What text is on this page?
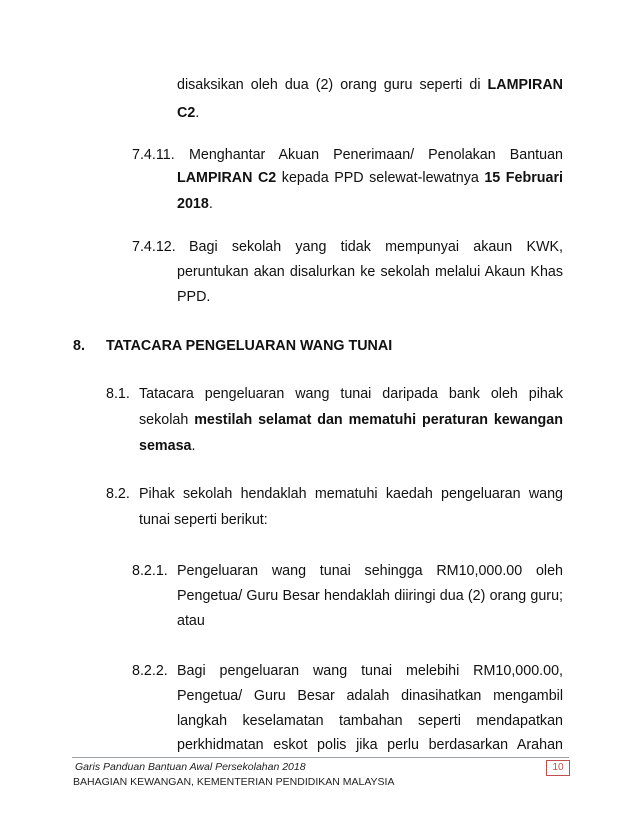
disaksikan oleh dua (2) orang guru seperti di LAMPIRAN
C2.
7.4.11. Menghantar Akuan Penerimaan/ Penolakan Bantuan
LAMPIRAN C2 kepada PPD selewat-lewatnya 15 Februari
2018.
7.4.12. Bagi sekolah yang tidak mempunyai akaun KWK,
peruntukan akan disalurkan ke sekolah melalui Akaun Khas
PPD.
8. TATACARA PENGELUARAN WANG TUNAI
8.1. Tatacara pengeluaran wang tunai daripada bank oleh pihak
sekolah mestilah selamat dan mematuhi peraturan kewangan
semasa.
8.2. Pihak sekolah hendaklah mematuhi kaedah pengeluaran wang
tunai seperti berikut:
8.2.1. Pengeluaran wang tunai sehingga RM10,000.00 oleh
Pengetua/ Guru Besar hendaklah diiringi dua (2) orang guru;
atau
8.2.2. Bagi pengeluaran wang tunai melebihi RM10,000.00,
Pengetua/ Guru Besar adalah dinasihatkan mengambil
langkah keselamatan tambahan seperti mendapatkan
perkhidmatan eskot polis jika perlu berdasarkan Arahan
Garis Panduan Bantuan Awal Persekolahan 2018	10
BAHAGIAN KEWANGAN, KEMENTERIAN PENDIDIKAN MALAYSIA
